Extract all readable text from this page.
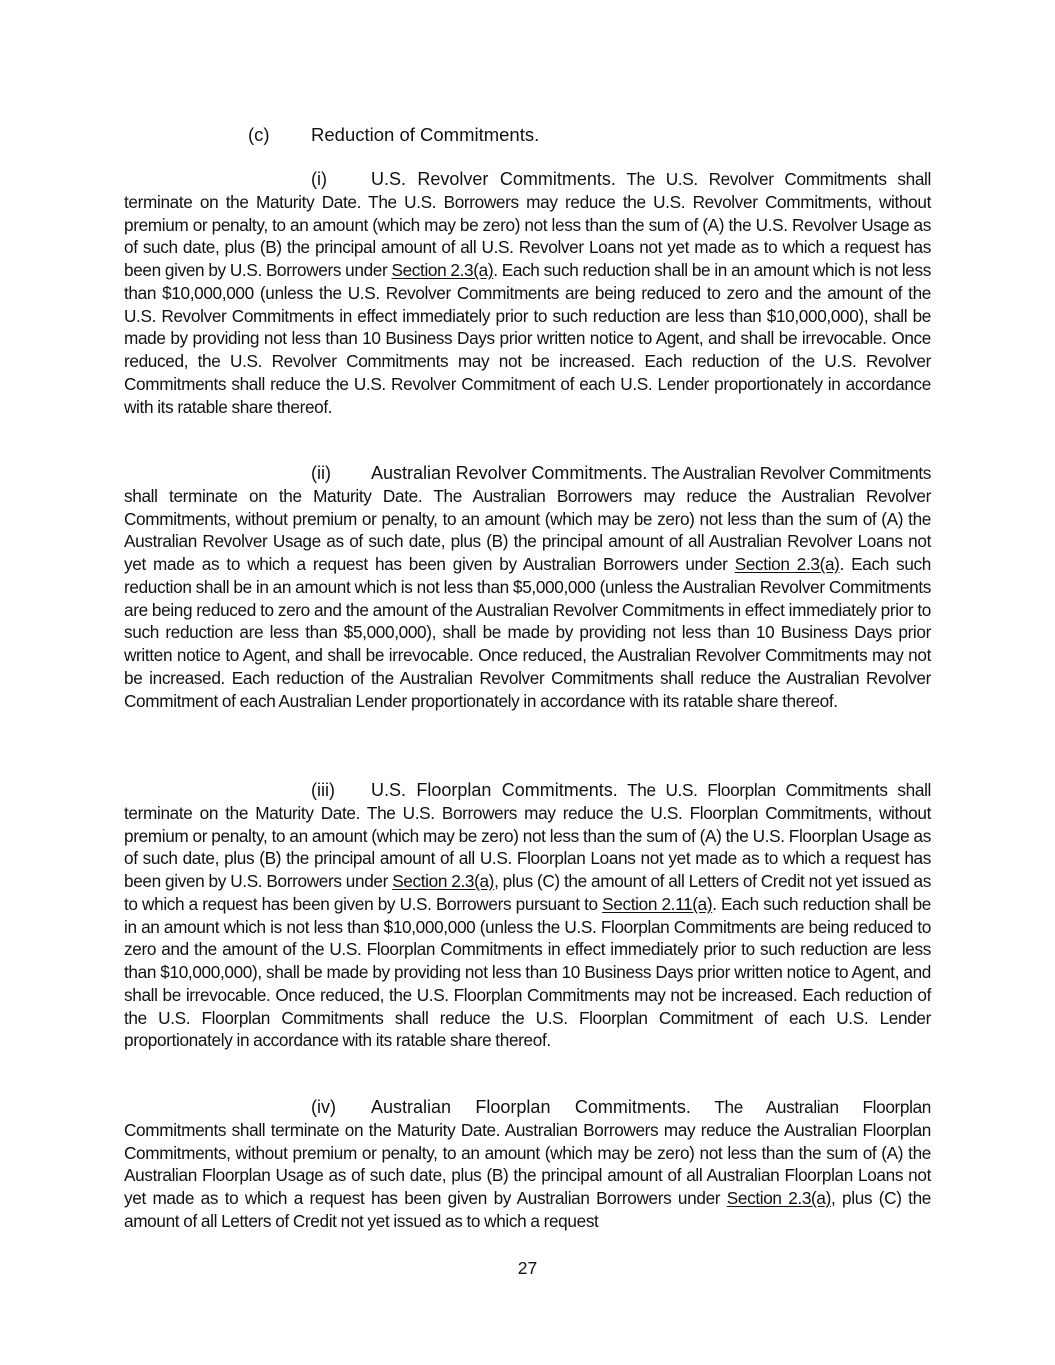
(c) Reduction of Commitments.
(i) U.S. Revolver Commitments. The U.S. Revolver Commitments shall terminate on the Maturity Date. The U.S. Borrowers may reduce the U.S. Revolver Commitments, without premium or penalty, to an amount (which may be zero) not less than the sum of (A) the U.S. Revolver Usage as of such date, plus (B) the principal amount of all U.S. Revolver Loans not yet made as to which a request has been given by U.S. Borrowers under Section 2.3(a). Each such reduction shall be in an amount which is not less than $10,000,000 (unless the U.S. Revolver Commitments are being reduced to zero and the amount of the U.S. Revolver Commitments in effect immediately prior to such reduction are less than $10,000,000), shall be made by providing not less than 10 Business Days prior written notice to Agent, and shall be irrevocable. Once reduced, the U.S. Revolver Commitments may not be increased. Each reduction of the U.S. Revolver Commitments shall reduce the U.S. Revolver Commitment of each U.S. Lender proportionately in accordance with its ratable share thereof.
(ii) Australian Revolver Commitments. The Australian Revolver Commitments shall terminate on the Maturity Date. The Australian Borrowers may reduce the Australian Revolver Commitments, without premium or penalty, to an amount (which may be zero) not less than the sum of (A) the Australian Revolver Usage as of such date, plus (B) the principal amount of all Australian Revolver Loans not yet made as to which a request has been given by Australian Borrowers under Section 2.3(a). Each such reduction shall be in an amount which is not less than $5,000,000 (unless the Australian Revolver Commitments are being reduced to zero and the amount of the Australian Revolver Commitments in effect immediately prior to such reduction are less than $5,000,000), shall be made by providing not less than 10 Business Days prior written notice to Agent, and shall be irrevocable. Once reduced, the Australian Revolver Commitments may not be increased. Each reduction of the Australian Revolver Commitments shall reduce the Australian Revolver Commitment of each Australian Lender proportionately in accordance with its ratable share thereof.
(iii) U.S. Floorplan Commitments. The U.S. Floorplan Commitments shall terminate on the Maturity Date. The U.S. Borrowers may reduce the U.S. Floorplan Commitments, without premium or penalty, to an amount (which may be zero) not less than the sum of (A) the U.S. Floorplan Usage as of such date, plus (B) the principal amount of all U.S. Floorplan Loans not yet made as to which a request has been given by U.S. Borrowers under Section 2.3(a), plus (C) the amount of all Letters of Credit not yet issued as to which a request has been given by U.S. Borrowers pursuant to Section 2.11(a). Each such reduction shall be in an amount which is not less than $10,000,000 (unless the U.S. Floorplan Commitments are being reduced to zero and the amount of the U.S. Floorplan Commitments in effect immediately prior to such reduction are less than $10,000,000), shall be made by providing not less than 10 Business Days prior written notice to Agent, and shall be irrevocable. Once reduced, the U.S. Floorplan Commitments may not be increased. Each reduction of the U.S. Floorplan Commitments shall reduce the U.S. Floorplan Commitment of each U.S. Lender proportionately in accordance with its ratable share thereof.
(iv) Australian Floorplan Commitments. The Australian Floorplan Commitments shall terminate on the Maturity Date. Australian Borrowers may reduce the Australian Floorplan Commitments, without premium or penalty, to an amount (which may be zero) not less than the sum of (A) the Australian Floorplan Usage as of such date, plus (B) the principal amount of all Australian Floorplan Loans not yet made as to which a request has been given by Australian Borrowers under Section 2.3(a), plus (C) the amount of all Letters of Credit not yet issued as to which a request
27
